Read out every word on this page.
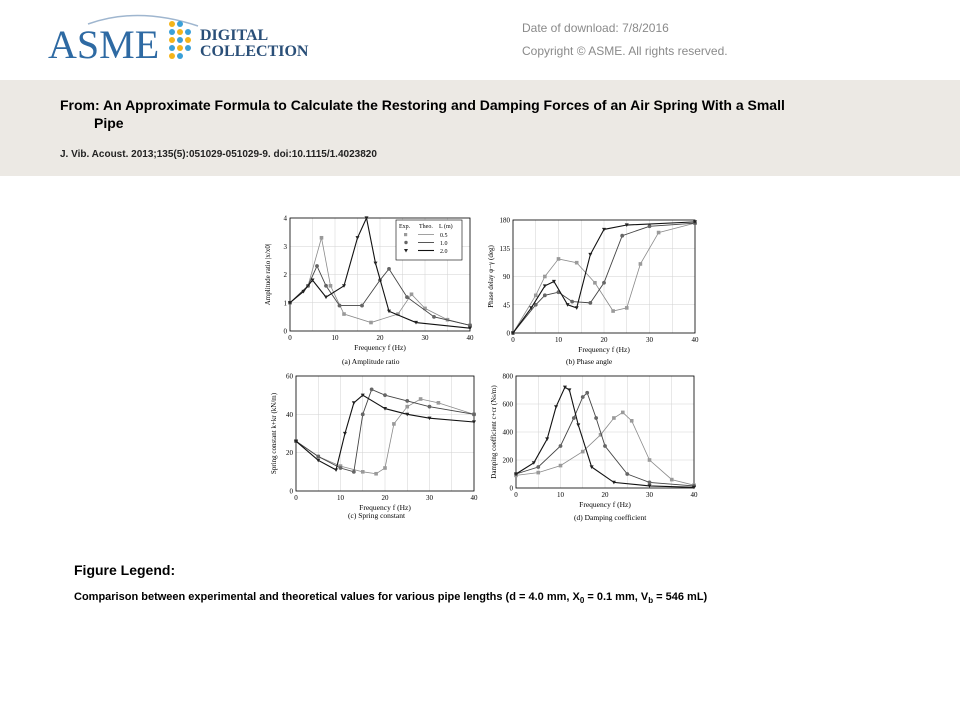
ASME	DIGITAL
COLLECTION
Date of download: 7/8/2016
Copyright © ASME. All rights reserved.
From: An Approximate Formula to Calculate the Restoring and Damping Forces of an Air Spring With a Small
Pipe
J. Vib. Acoust. 2013;135(5):051029-051029-9. doi:10.1115/1.4023820
0	10	20	30	40
0
1
2
3
4
Frequency f (Hz)
Amplitude ratio |x/x0|
(a) Amplitude ratio
Exp. Theo. L (m)
0.5
1.0
2.0
0	10	20	30	40
0
45
90
135
180
Frequency f (Hz)
Phase delay φ−γ (deg)
(b) Phase angle
0	10	20	30	40
0
20
40
60
Frequency f (Hz)
Spring constant k+kr (kN/m)
(c) Spring constant
0	10	20	30	40
0
200
400
600
800
Frequency f (Hz)
Damping coefficient c+cr (Ns/m)
(d) Damping coefficient
Figure Legend:
Comparison between experimental and theoretical values for various pipe lengths (d = 4.0 mm, $X_0 = 0.1$ mm, $V_b = 546$ mL)
